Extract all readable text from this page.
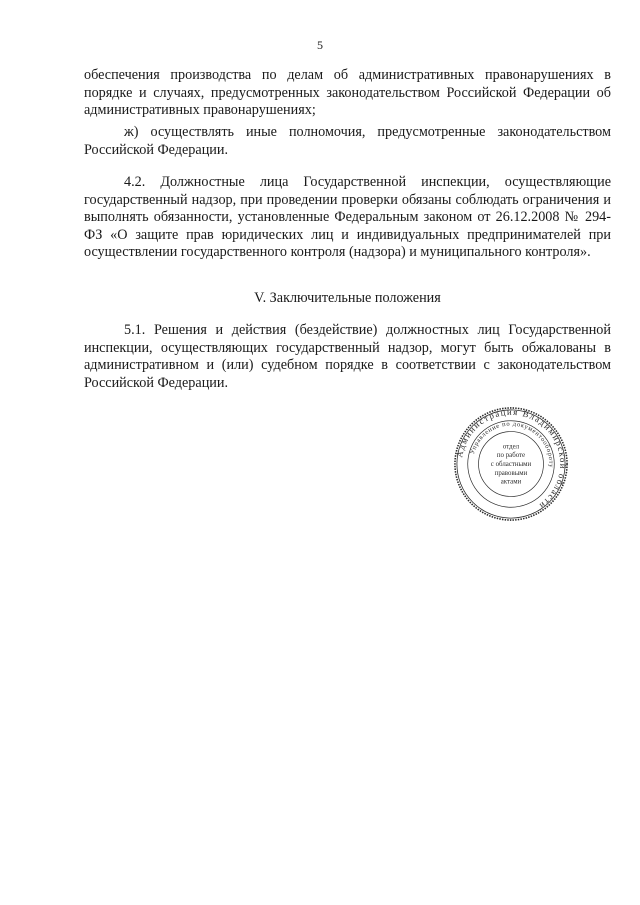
5

обеспечения производства по делам об административных правонарушениях в порядке и случаях, предусмотренных законодательством Российской Федерации об административных правонарушениях;

ж) осуществлять иные полномочия, предусмотренные законодательством Российской Федерации.

4.2. Должностные лица Государственной инспекции, осуществляющие государственный надзор, при проведении проверки обязаны соблюдать ограничения и выполнять обязанности, установленные Федеральным законом от 26.12.2008 № 294-ФЗ «О защите прав юридических лиц и индивидуальных предпринимателей при осуществлении государственного контроля (надзора) и муниципального контроля».

V. Заключительные положения

5.1. Решения и действия (бездействие) должностных лиц Государственной инспекции, осуществляющих государственный надзор, могут быть обжалованы в административном и (или) судебном порядке в соответствии с законодательством Российской Федерации.

Администрация Владимирской области
Управление по документообороту
отдел
по работе
с областными
правовыми
актами
